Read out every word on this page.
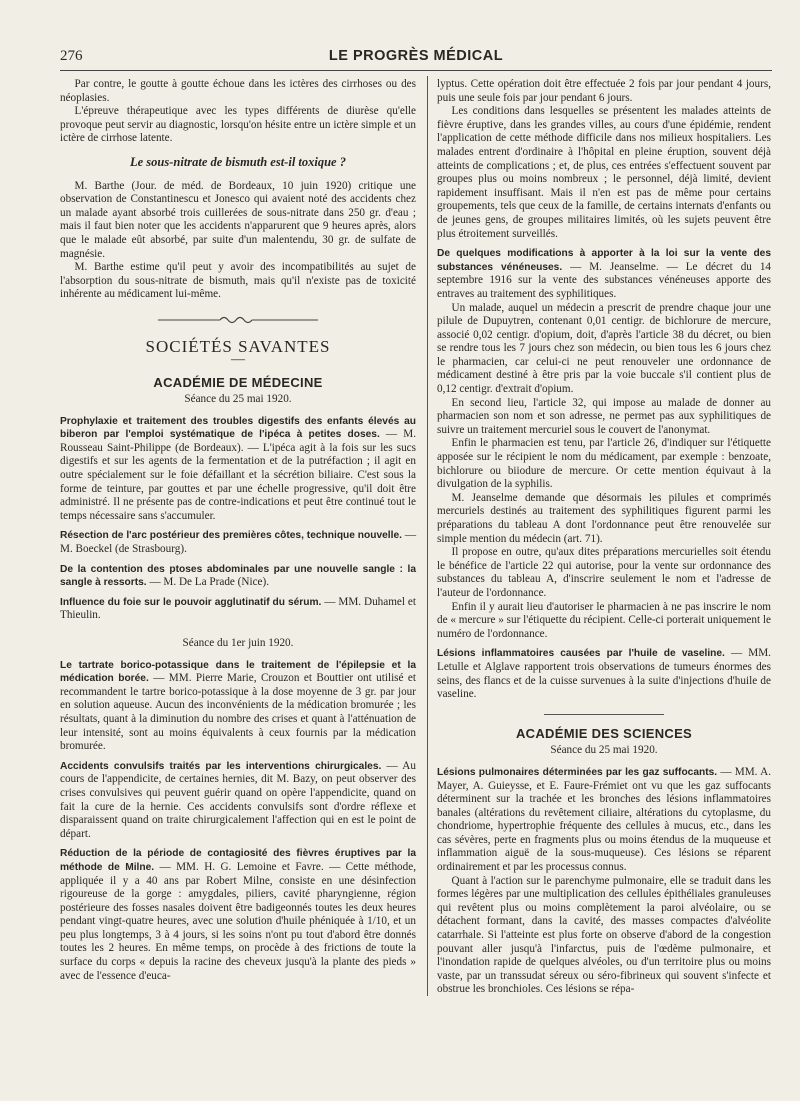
276	LE PROGRÈS MÉDICAL

Par contre, le goutte à goutte échoue dans les ictères des cirrhoses ou des néoplasies.

L'épreuve thérapeutique avec les types différents de diurèse qu'elle provoque peut servir au diagnostic, lorsqu'on hésite entre un ictère simple et un ictère de cirrhose latente.

Le sous-nitrate de bismuth est-il toxique ?

M. Barthe (Jour. de méd. de Bordeaux, 10 juin 1920) critique une observation de Constantinescu et Jonesco qui avaient noté des accidents chez un malade ayant absorbé trois cuillerées de sous-nitrate dans 250 gr. d'eau ; mais il faut bien noter que les accidents n'apparurent que 9 heures après, alors que le malade eût absorbé, par suite d'un malentendu, 30 gr. de sulfate de magnésie.

M. Barthe estime qu'il peut y avoir des incompatibilités au sujet de l'absorption du sous-nitrate de bismuth, mais qu'il n'existe pas de toxicité inhérente au médicament lui-même.

SOCIÉTÉS SAVANTES
—
ACADÉMIE DE MÉDECINE
Séance du 25 mai 1920.

Prophylaxie et traitement des troubles digestifs des enfants élevés au biberon par l'emploi systématique de l'ipéca à petites doses. — M. Rousseau Saint-Philippe (de Bordeaux). — L'ipéca agit à la fois sur les sucs digestifs et sur les agents de la fermentation et de la putréfaction ; il agit en outre spécialement sur le foie défaillant et la sécrétion biliaire. C'est sous la forme de teinture, par gouttes et par une échelle progressive, qu'il doit être administré. Il ne présente pas de contre-indications et peut être continué tout le temps nécessaire sans s'accumuler.

Résection de l'arc postérieur des premières côtes, technique nouvelle. — M. Boeckel (de Strasbourg).

De la contention des ptoses abdominales par une nouvelle sangle : la sangle à ressorts. — M. De La Prade (Nice).

Influence du foie sur le pouvoir agglutinatif du sérum. — MM. Duhamel et Thieulin.

Séance du 1er juin 1920.

Le tartrate borico-potassique dans le traitement de l'épilepsie et la médication borée. — MM. Pierre Marie, Crouzon et Bouttier ont utilisé et recommandent le tartre borico-potassique à la dose moyenne de 3 gr. par jour en solution aqueuse. Aucun des inconvénients de la médication bromurée ; les résultats, quant à la diminution du nombre des crises et quant à l'atténuation de leur intensité, sont au moins équivalents à ceux fournis par la médication bromurée.

Accidents convulsifs traités par les interventions chirurgicales. — Au cours de l'appendicite, de certaines hernies, dit M. Bazy, on peut observer des crises convulsives qui peuvent guérir quand on opère l'appendicite, quand on fait la cure de la hernie. Ces accidents convulsifs sont d'ordre réflexe et disparaissent quand on traite chirurgicalement l'affection qui en est le point de départ.

Réduction de la période de contagiosité des fièvres éruptives par la méthode de Milne. — MM. H. G. Lemoine et Favre. — Cette méthode, appliquée il y a 40 ans par Robert Milne, consiste en une désinfection rigoureuse de la gorge : amygdales, piliers, cavité pharyngienne, région postérieure des fosses nasales doivent être badigeonnés toutes les deux heures pendant vingt-quatre heures, avec une solution d'huile phéniquée à 1/10, et un peu plus longtemps, 3 à 4 jours, si les soins n'ont pu tout d'abord être donnés toutes les 2 heures. En même temps, on procède à des frictions de toute la surface du corps « depuis la racine des cheveux jusqu'à la plante des pieds » avec de l'essence d'euca-

lyptus. Cette opération doit être effectuée 2 fois par jour pendant 4 jours, puis une seule fois par jour pendant 6 jours.

Les conditions dans lesquelles se présentent les malades atteints de fièvre éruptive, dans les grandes villes, au cours d'une épidémie, rendent l'application de cette méthode difficile dans nos milieux hospitaliers. Les malades entrent d'ordinaire à l'hôpital en pleine éruption, souvent déjà atteints de complications ; et, de plus, ces entrées s'effectuent souvent par groupes plus ou moins nombreux ; le personnel, déjà limité, devient rapidement insuffisant. Mais il n'en est pas de même pour certains groupements, tels que ceux de la famille, de certains internats d'enfants ou de jeunes gens, de groupes militaires limités, où les sujets peuvent être plus étroitement surveillés.

De quelques modifications à apporter à la loi sur la vente des substances vénéneuses. — M. Jeanselme. — Le décret du 14 septembre 1916 sur la vente des substances vénéneuses apporte des entraves au traitement des syphilitiques.

Un malade, auquel un médecin a prescrit de prendre chaque jour une pilule de Dupuytren, contenant 0,01 centigr. de bichlorure de mercure, associé 0,02 centigr. d'opium, doit, d'après l'article 38 du décret, ou bien se rendre tous les 7 jours chez son médecin, ou bien tous les 6 jours chez le pharmacien, car celui-ci ne peut renouveler une ordonnance de médicament destiné à être pris par la voie buccale s'il contient plus de 0,12 centigr. d'extrait d'opium.

En second lieu, l'article 32, qui impose au malade de donner au pharmacien son nom et son adresse, ne permet pas aux syphilitiques de suivre un traitement mercuriel sous le couvert de l'anonymat.

Enfin le pharmacien est tenu, par l'article 26, d'indiquer sur l'étiquette apposée sur le récipient le nom du médicament, par exemple : benzoate, bichlorure ou biiodure de mercure. Or cette mention équivaut à la divulgation de la syphilis.

M. Jeanselme demande que désormais les pilules et comprimés mercuriels destinés au traitement des syphilitiques figurent parmi les préparations du tableau A dont l'ordonnance peut être renouvelée sur simple mention du médecin (art. 71).

Il propose en outre, qu'aux dites préparations mercurielles soit étendu le bénéfice de l'article 22 qui autorise, pour la vente sur ordonnance des substances du tableau A, d'inscrire seulement le nom et l'adresse de l'auteur de l'ordonnance.

Enfin il y aurait lieu d'autoriser le pharmacien à ne pas inscrire le nom de « mercure » sur l'étiquette du récipient. Celle-ci porterait uniquement le numéro de l'ordonnance.

Lésions inflammatoires causées par l'huile de vaseline. — MM. Letulle et Alglave rapportent trois observations de tumeurs énormes des seins, des flancs et de la cuisse survenues à la suite d'injections d'huile de vaseline.

ACADÉMIE DES SCIENCES
Séance du 25 mai 1920.

Lésions pulmonaires déterminées par les gaz suffocants. — MM. A. Mayer, A. Guieysse, et E. Faure-Frémiet ont vu que les gaz suffocants déterminent sur la trachée et les bronches des lésions inflammatoires banales (altérations du revêtement ciliaire, altérations du cytoplasme, du chondriome, hypertrophie fréquente des cellules à mucus, etc., dans les cas sévères, perte en fragments plus ou moins étendus de la muqueuse et inflammation aiguë de la sous-muqueuse). Ces lésions se réparent ordinairement et par les processus connus.

Quant à l'action sur le parenchyme pulmonaire, elle se traduit dans les formes légères par une multiplication des cellules épithéliales granuleuses qui revêtent plus ou moins complètement la paroi alvéolaire, ou se détachent formant, dans la cavité, des masses compactes d'alvéolite catarrhale. Si l'atteinte est plus forte on observe d'abord de la congestion pouvant aller jusqu'à l'infarctus, puis de l'œdème pulmonaire, et l'inondation rapide de quelques alvéoles, ou d'un territoire plus ou moins vaste, par un transsudat séreux ou séro-fibrineux qui souvent s'infecte et obstrue les bronchioles. Ces lésions se répa-
